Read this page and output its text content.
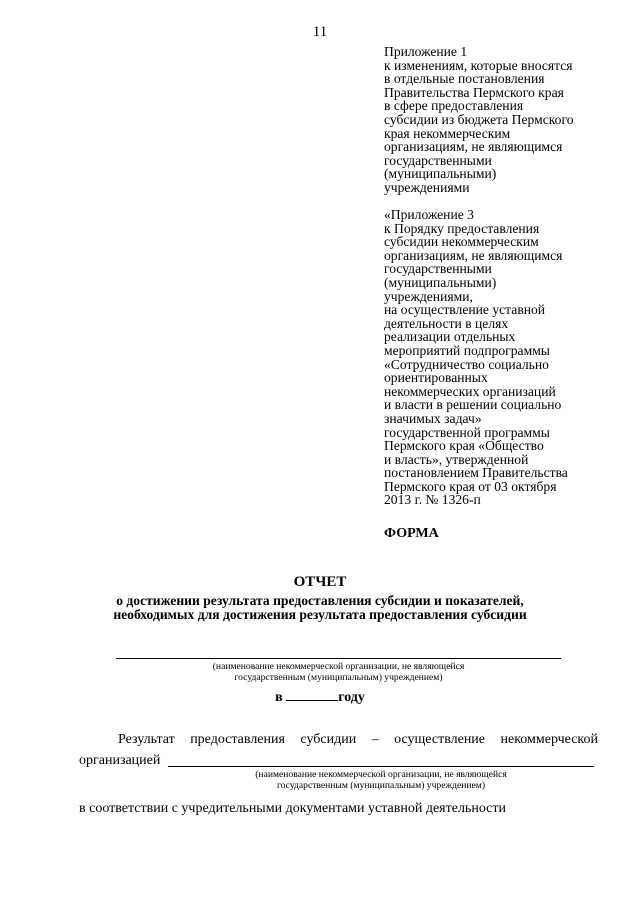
11
Приложение 1
к изменениям, которые вносятся
в отдельные постановления
Правительства Пермского края
в сфере предоставления
субсидии из бюджета Пермского
края некоммерческим
организациям, не являющимся
государственными
(муниципальными)
учреждениями
«Приложение 3
к Порядку предоставления
субсидии некоммерческим
организациям, не являющимся
государственными
(муниципальными)
учреждениями,
на осуществление уставной
деятельности в целях
реализации отдельных
мероприятий подпрограммы
«Сотрудничество социально
ориентированных
некоммерческих организаций
и власти в решении социально
значимых задач»
государственной программы
Пермского края «Общество
и власть», утвержденной
постановлением Правительства
Пермского края от 03 октября
2013 г. № 1326-п
ФОРМА
ОТЧЕТ
о достижении результата предоставления субсидии и показателей,
необходимых для достижения результата предоставления субсидии
(наименование некоммерческой организации, не являющейся
государственным (муниципальным) учреждением)
в	году
Результат предоставления субсидии – осуществление некоммерческой
организацией
(наименование некоммерческой организации, не являющейся
государственным (муниципальным) учреждением)
в соответствии с учредительными документами уставной деятельности
